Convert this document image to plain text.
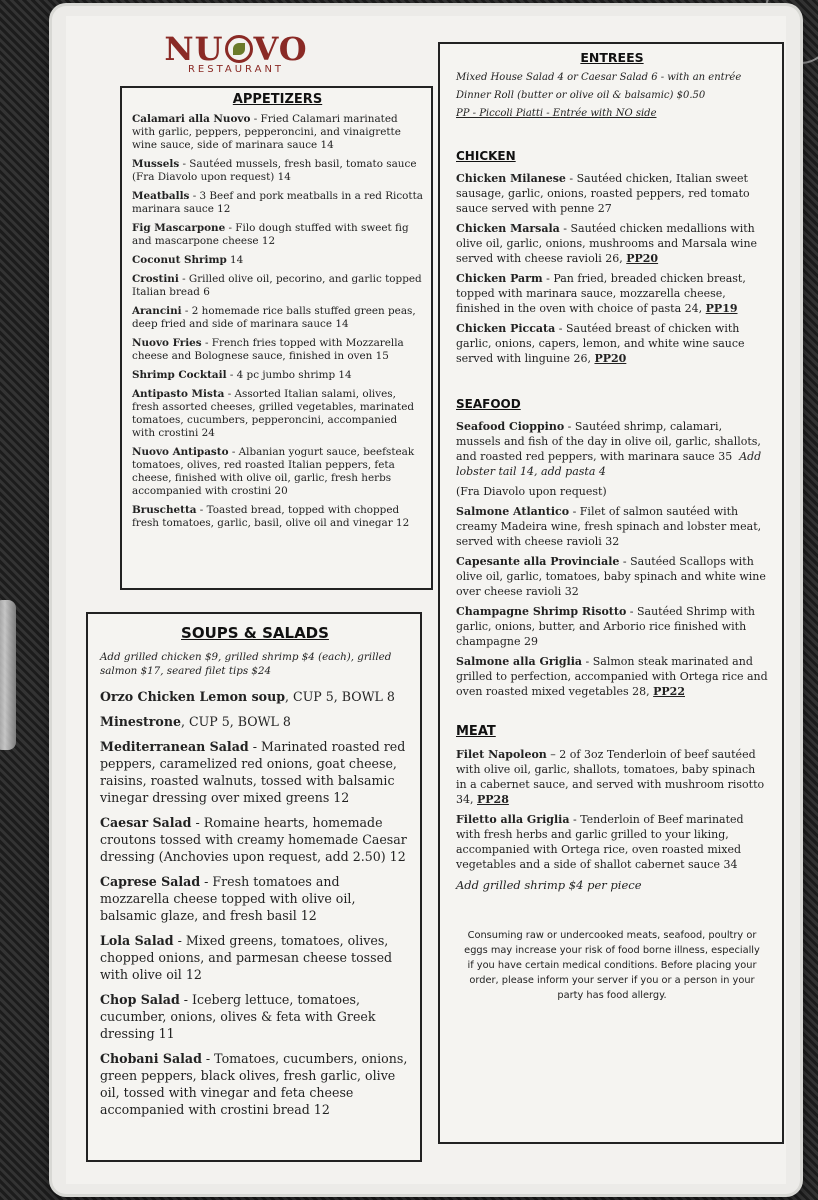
NU VO
RESTAURANT
APPETIZERS
Calamari alla Nuovo - Fried Calamari marinated with garlic, peppers, pepperoncini, and vinaigrette wine sauce, side of marinara sauce 14
Mussels - Sautéed mussels, fresh basil, tomato sauce (Fra Diavolo upon request) 14
Meatballs - 3 Beef and pork meatballs in a red Ricotta marinara sauce 12
Fig Mascarpone - Filo dough stuffed with sweet fig and mascarpone cheese 12
Coconut Shrimp 14
Crostini - Grilled olive oil, pecorino, and garlic topped Italian bread 6
Arancini - 2 homemade rice balls stuffed green peas, deep fried and side of marinara sauce 14
Nuovo Fries - French fries topped with Mozzarella cheese and Bolognese sauce, finished in oven 15
Shrimp Cocktail - 4 pc jumbo shrimp 14
Antipasto Mista - Assorted Italian salami, olives, fresh assorted cheeses, grilled vegetables, marinated tomatoes, cucumbers, pepperoncini, accompanied with crostini 24
Nuovo Antipasto - Albanian yogurt sauce, beefsteak tomatoes, olives, red roasted Italian peppers, feta cheese, finished with olive oil, garlic, fresh herbs accompanied with crostini 20
Bruschetta - Toasted bread, topped with chopped fresh tomatoes, garlic, basil, olive oil and vinegar 12
SOUPS & SALADS
Add grilled chicken $9, grilled shrimp $4 (each), grilled salmon $17, seared filet tips $24
Orzo Chicken Lemon soup, CUP 5, BOWL 8
Minestrone, CUP 5, BOWL 8
Mediterranean Salad - Marinated roasted red peppers, caramelized red onions, goat cheese, raisins, roasted walnuts, tossed with balsamic vinegar dressing over mixed greens 12
Caesar Salad - Romaine hearts, homemade croutons tossed with creamy homemade Caesar dressing (Anchovies upon request, add 2.50) 12
Caprese Salad - Fresh tomatoes and mozzarella cheese topped with olive oil, balsamic glaze, and fresh basil 12
Lola Salad - Mixed greens, tomatoes, olives, chopped onions, and parmesan cheese tossed with olive oil 12
Chop Salad - Iceberg lettuce, tomatoes, cucumber, onions, olives & feta with Greek dressing 11
Chobani Salad - Tomatoes, cucumbers, onions, green peppers, black olives, fresh garlic, olive oil, tossed with vinegar and feta cheese accompanied with crostini bread 12
ENTREES
Mixed House Salad 4 or Caesar Salad 6 - with an entrée
Dinner Roll (butter or olive oil & balsamic) $0.50
PP - Piccoli Piatti - Entrée with NO side
CHICKEN
Chicken Milanese - Sautéed chicken, Italian sweet sausage, garlic, onions, roasted peppers, red tomato sauce served with penne 27
Chicken Marsala - Sautéed chicken medallions with olive oil, garlic, onions, mushrooms and Marsala wine served with cheese ravioli 26, PP20
Chicken Parm - Pan fried, breaded chicken breast, topped with marinara sauce, mozzarella cheese, finished in the oven with choice of pasta 24, PP19
Chicken Piccata - Sautéed breast of chicken with garlic, onions, capers, lemon, and white wine sauce served with linguine 26, PP20
SEAFOOD
Seafood Cioppino - Sautéed shrimp, calamari, mussels and fish of the day in olive oil, garlic, shallots, and roasted red peppers, with marinara sauce 35 Add lobster tail 14, add pasta 4
(Fra Diavolo upon request)
Salmone Atlantico - Filet of salmon sautéed with creamy Madeira wine, fresh spinach and lobster meat, served with cheese ravioli 32
Capesante alla Provinciale - Sautéed Scallops with olive oil, garlic, tomatoes, baby spinach and white wine over cheese ravioli 32
Champagne Shrimp Risotto - Sautéed Shrimp with garlic, onions, butter, and Arborio rice finished with champagne 29
Salmone alla Griglia - Salmon steak marinated and grilled to perfection, accompanied with Ortega rice and oven roasted mixed vegetables 28, PP22
MEAT
Filet Napoleon – 2 of 3oz Tenderloin of beef sautéed with olive oil, garlic, shallots, tomatoes, baby spinach in a cabernet sauce, and served with mushroom risotto 34, PP28
Filetto alla Griglia - Tenderloin of Beef marinated with fresh herbs and garlic grilled to your liking, accompanied with Ortega rice, oven roasted mixed vegetables and a side of shallot cabernet sauce 34
Add grilled shrimp $4 per piece
Consuming raw or undercooked meats, seafood, poultry or eggs may increase your risk of food borne illness, especially if you have certain medical conditions. Before placing your order, please inform your server if you or a person in your party has food allergy.
